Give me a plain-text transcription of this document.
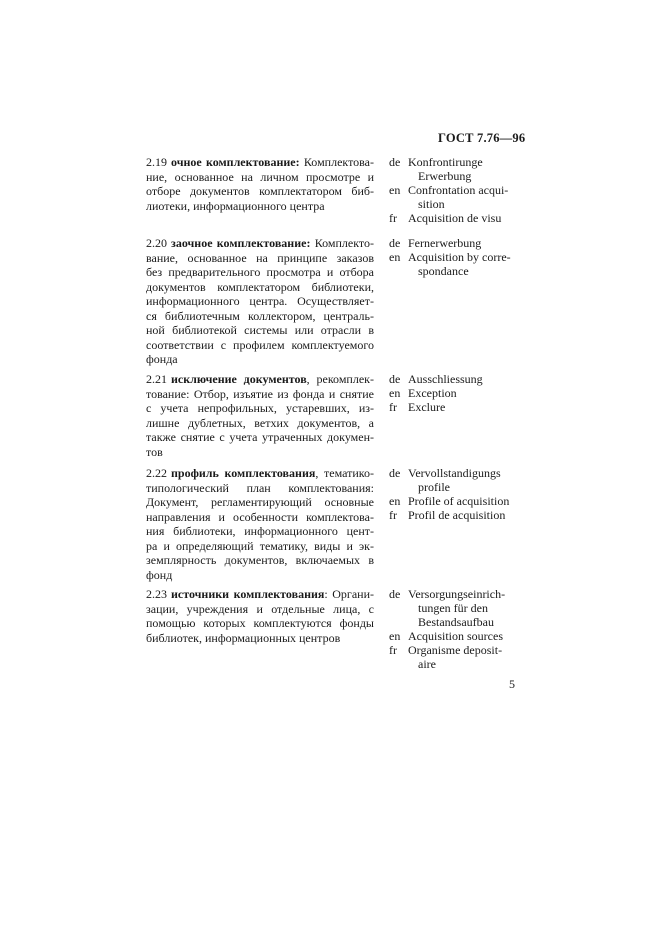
ГОСТ 7.76—96
2.19 очное комплектование: Комплектова-
ние, основанное на личном просмотре и
отборе документов комплектатором биб-
лиотеки, информационного центра
de Konfrontirunge
Erwerbung
en Confrontation acqui-
sition
fr Acquisition de visu
2.20 заочное комплектование: Комплекто-
вание, основанное на принципе заказов
без предварительного просмотра и отбора
документов комплектатором библиотеки,
информационного центра. Осуществляет-
ся библиотечным коллектором, централь-
ной библиотекой системы или отрасли в
соответствии с профилем комплектуемого
фонда
de Fernerwerbung
en Acquisition by corre-
spondance
2.21 исключение документов, рекомплек-
тование: Отбор, изъятие из фонда и снятие
с учета непрофильных, устаревших, из-
лишне дублетных, ветхих документов, а
также снятие с учета утраченных докумен-
тов
de Ausschliessung
en Exception
fr Exclure
2.22 профиль комплектования, тематико-
типологический план комплектования:
Документ, регламентирующий основные
направления и особенности комплектова-
ния библиотеки, информационного цент-
ра и определяющий тематику, виды и эк-
земплярность документов, включаемых в
фонд
de Vervollstandigungs
profile
en Profile of acquisition
fr Profil de acquisition
2.23 источники комплектования: Органи-
зации, учреждения и отдельные лица, с
помощью которых комплектуются фонды
библиотек, информационных центров
de Versorgungseinrich-
tungen für den
Bestandsaufbau
en Acquisition sources
fr Organisme deposit-
aire
5
